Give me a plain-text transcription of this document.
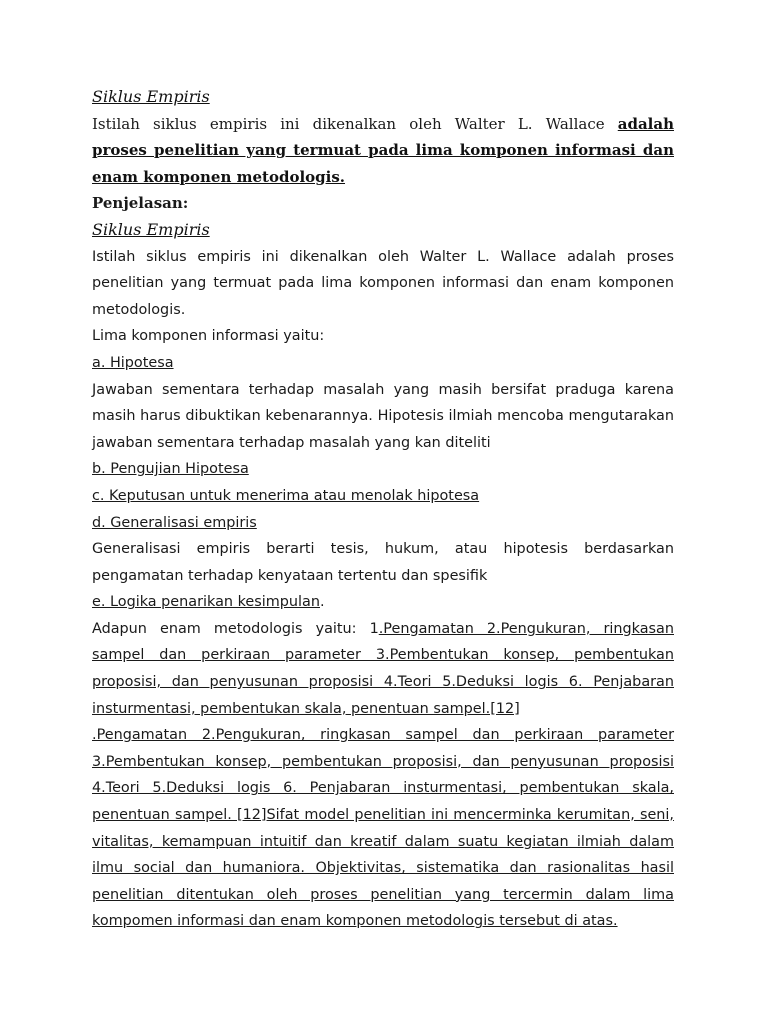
Siklus Empiris

Istilah siklus empiris ini dikenalkan oleh Walter L. Wallace adalah proses penelitian yang termuat pada lima komponen informasi dan enam komponen metodologis.

Penjelasan:

Siklus Empiris

Istilah siklus empiris ini dikenalkan oleh Walter L. Wallace adalah proses penelitian yang termuat pada lima komponen informasi dan enam komponen metodologis.

Lima komponen informasi yaitu:

a. Hipotesa

Jawaban sementara terhadap masalah yang masih bersifat praduga karena masih harus dibuktikan kebenarannya. Hipotesis ilmiah mencoba mengutarakan jawaban sementara terhadap masalah yang kan diteliti

b. Pengujian Hipotesa

c. Keputusan untuk menerima atau menolak hipotesa

d. Generalisasi empiris

Generalisasi empiris berarti tesis, hukum, atau hipotesis berdasarkan pengamatan terhadap kenyataan tertentu dan spesifik

e. Logika penarikan kesimpulan.

Adapun enam metodologis yaitu: 1.Pengamatan 2.Pengukuran, ringkasan sampel dan perkiraan parameter 3.Pembentukan konsep, pembentukan proposisi, dan penyusunan proposisi 4.Teori 5.Deduksi logis 6. Penjabaran insturmentasi, pembentukan skala, penentuan sampel.[12]

.Pengamatan 2.Pengukuran, ringkasan sampel dan perkiraan parameter 3.Pembentukan konsep, pembentukan proposisi, dan penyusunan proposisi 4.Teori 5.Deduksi logis 6. Penjabaran insturmentasi, pembentukan skala, penentuan sampel. [12]Sifat model penelitian ini mencerminka kerumitan, seni, vitalitas, kemampuan intuitif dan kreatif dalam suatu kegiatan ilmiah dalam ilmu social dan humaniora. Objektivitas, sistematika dan rasionalitas hasil penelitian ditentukan oleh proses penelitian yang tercermin dalam lima kompomen informasi dan enam komponen metodologis tersebut di atas.
